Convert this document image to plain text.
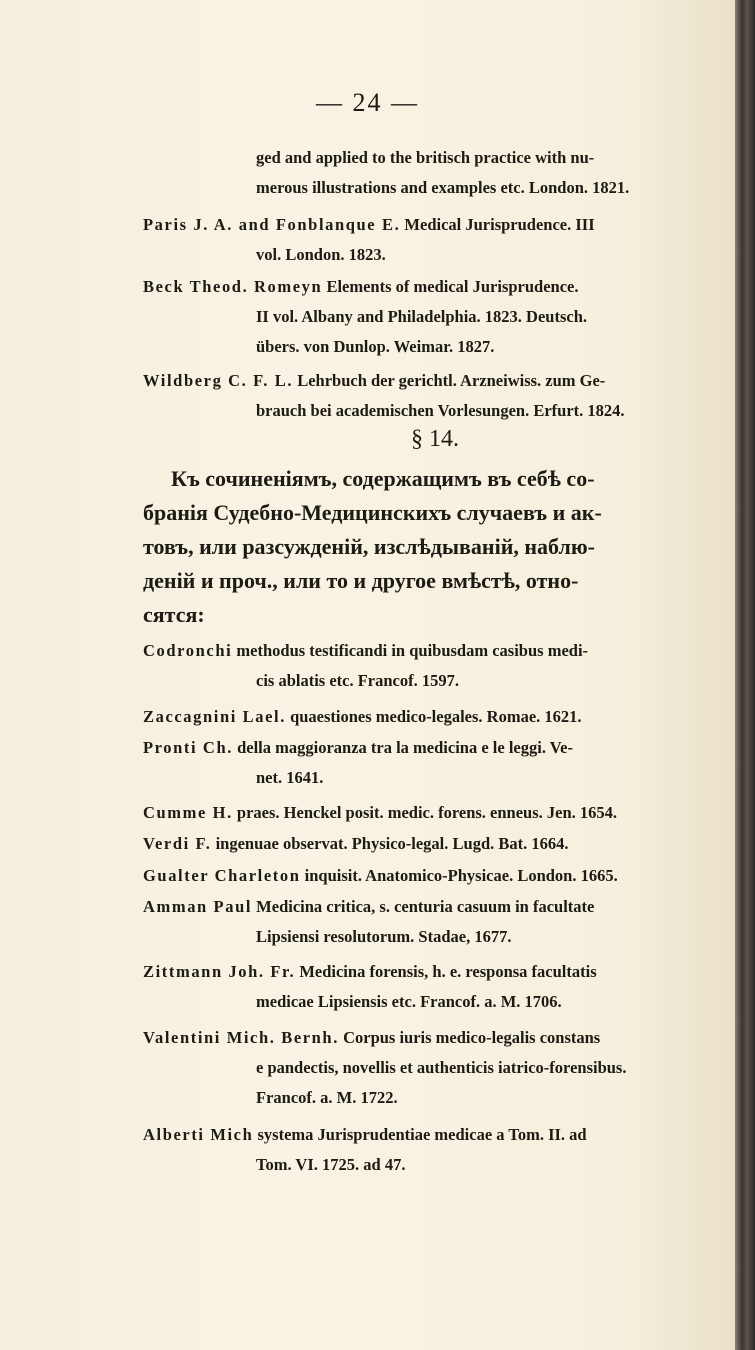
— 24 —
ged and applied to the britisch practice with nu-
merous illustrations and examples etc. London. 1821.
Paris J. A. and Fonblanque E. Medical Jurisprudence. III
vol. London. 1823.
Beck Theod. Romeyn Elements of medical Jurisprudence.
II vol. Albany and Philadelphia. 1823. Deutsch.
übers. von Dunlop. Weimar. 1827.
Wildberg C. F. L. Lehrbuch der gerichtl. Arzneiwiss. zum Ge-
brauch bei academischen Vorlesungen. Erfurt. 1824.
§ 14.
Къ сочиненіямъ, содержащимъ въ себѣ со-
бранія Судебно-Медицинскихъ случаевъ и ак-
товъ, или разсужденій, изслѣдываній, наблю-
деній и проч., или то и другое вмѣстѣ, отно-
сятся:
Codronchi methodus testificandi in quibusdam casibus medi-
cis ablatis etc. Francof. 1597.
Zaccagnini Lael. quaestiones medico-legales. Romae. 1621.
Pronti Ch. della maggioranza tra la medicina e le leggi. Ve-
net. 1641.
Cumme H. praes. Henckel posit. medic. forens. enneus. Jen. 1654.
Verdi F. ingenuae observat. Physico-legal. Lugd. Bat. 1664.
Gualter Charleton inquisit. Anatomico-Physicae. London. 1665.
Amman Paul Medicina critica, s. centuria casuum in facultate
Lipsiensi resolutorum. Stadae, 1677.
Zittmann Joh. Fr. Medicina forensis, h. e. responsa facultatis
medicae Lipsiensis etc. Francof. a. M. 1706.
Valentini Mich. Bernh. Corpus iuris medico-legalis constans
e pandectis, novellis et authenticis iatrico-forensibus.
Francof. a. M. 1722.
Alberti Mich systema Jurisprudentiae medicae a Tom. II. ad
Tom. VI. 1725. ad 47.
